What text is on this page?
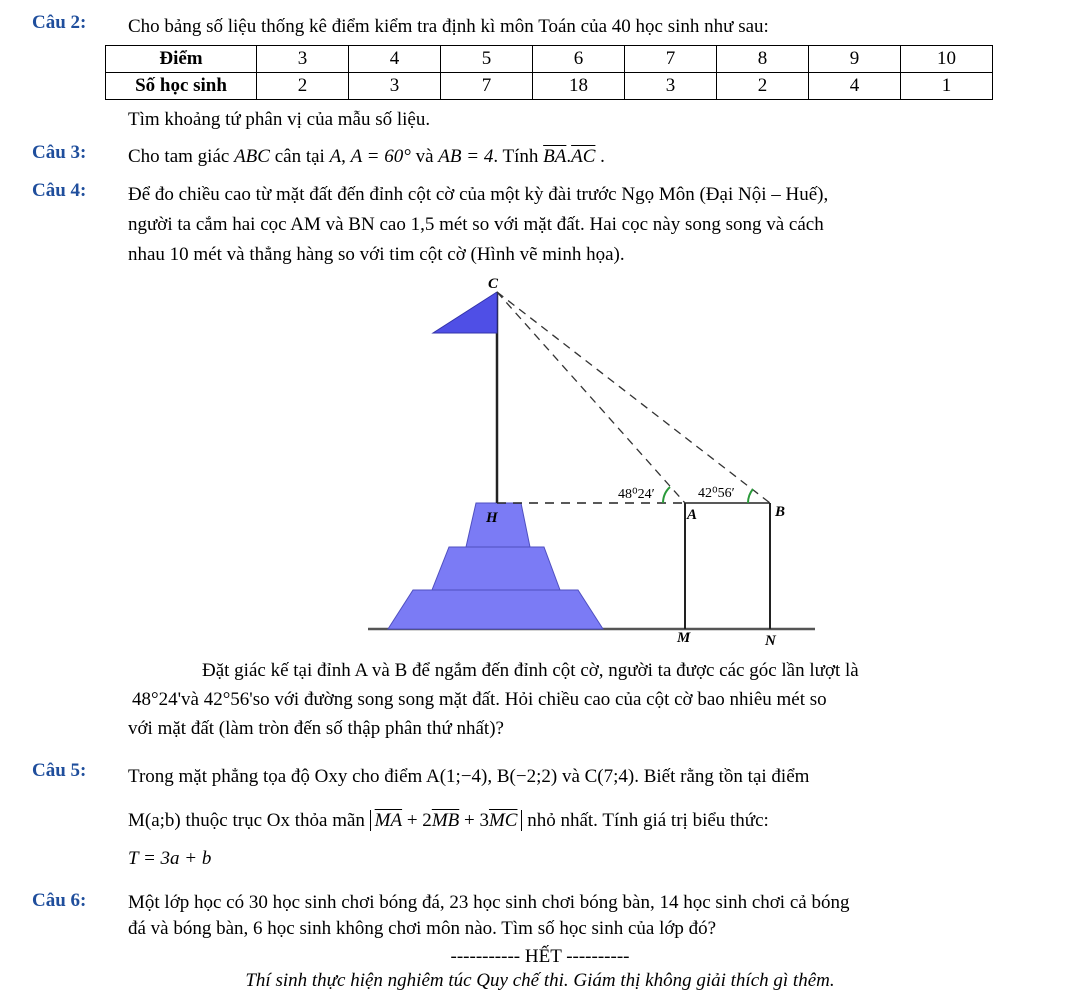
Câu 2: Cho bảng số liệu thống kê điểm kiểm tra định kì môn Toán của 40 học sinh như sau:
Điểm	3	4	5	6	7	8	9	10
Số học sinh	2	3	7	18	3	2	4	1
Tìm khoảng tứ phân vị của mẫu số liệu.
Câu 3: Cho tam giác ABC cân tại A, A = 60° và AB = 4. Tính $\overline{BA}.\overline{AC}$ .
Câu 4: Để đo chiều cao từ mặt đất đến đỉnh cột cờ của một kỳ đài trước Ngọ Môn (Đại Nội – Huế),
người ta cắm hai cọc AM và BN cao 1,5 mét so với mặt đất. Hai cọc này song song và cách
nhau 10 mét và thẳng hàng so với tim cột cờ (Hình vẽ minh họa).
C
H	A	B
M	N
48⁰24′	42⁰56′
Đặt giác kế tại đỉnh A và B để ngắm đến đỉnh cột cờ, người ta được các góc lần lượt là
48°24'và 42°56'so với đường song song mặt đất. Hỏi chiều cao của cột cờ bao nhiêu mét so
với mặt đất (làm tròn đến số thập phân thứ nhất)?
Câu 5: Trong mặt phẳng tọa độ Oxy cho điểm A(1;−4), B(−2;2) và C(7;4). Biết rằng tồn tại điểm
M(a;b) thuộc trục Ox thỏa mãn $\overline{MA} + 2\overline{MB} + 3\overline{MC}$ nhỏ nhất. Tính giá trị biểu thức:
T = 3a + b
Câu 6: Một lớp học có 30 học sinh chơi bóng đá, 23 học sinh chơi bóng bàn, 14 học sinh chơi cả bóng
đá và bóng bàn, 6 học sinh không chơi môn nào. Tìm số học sinh của lớp đó?
----------- HẾT ----------
Thí sinh thực hiện nghiêm túc Quy chế thi. Giám thị không giải thích gì thêm.
